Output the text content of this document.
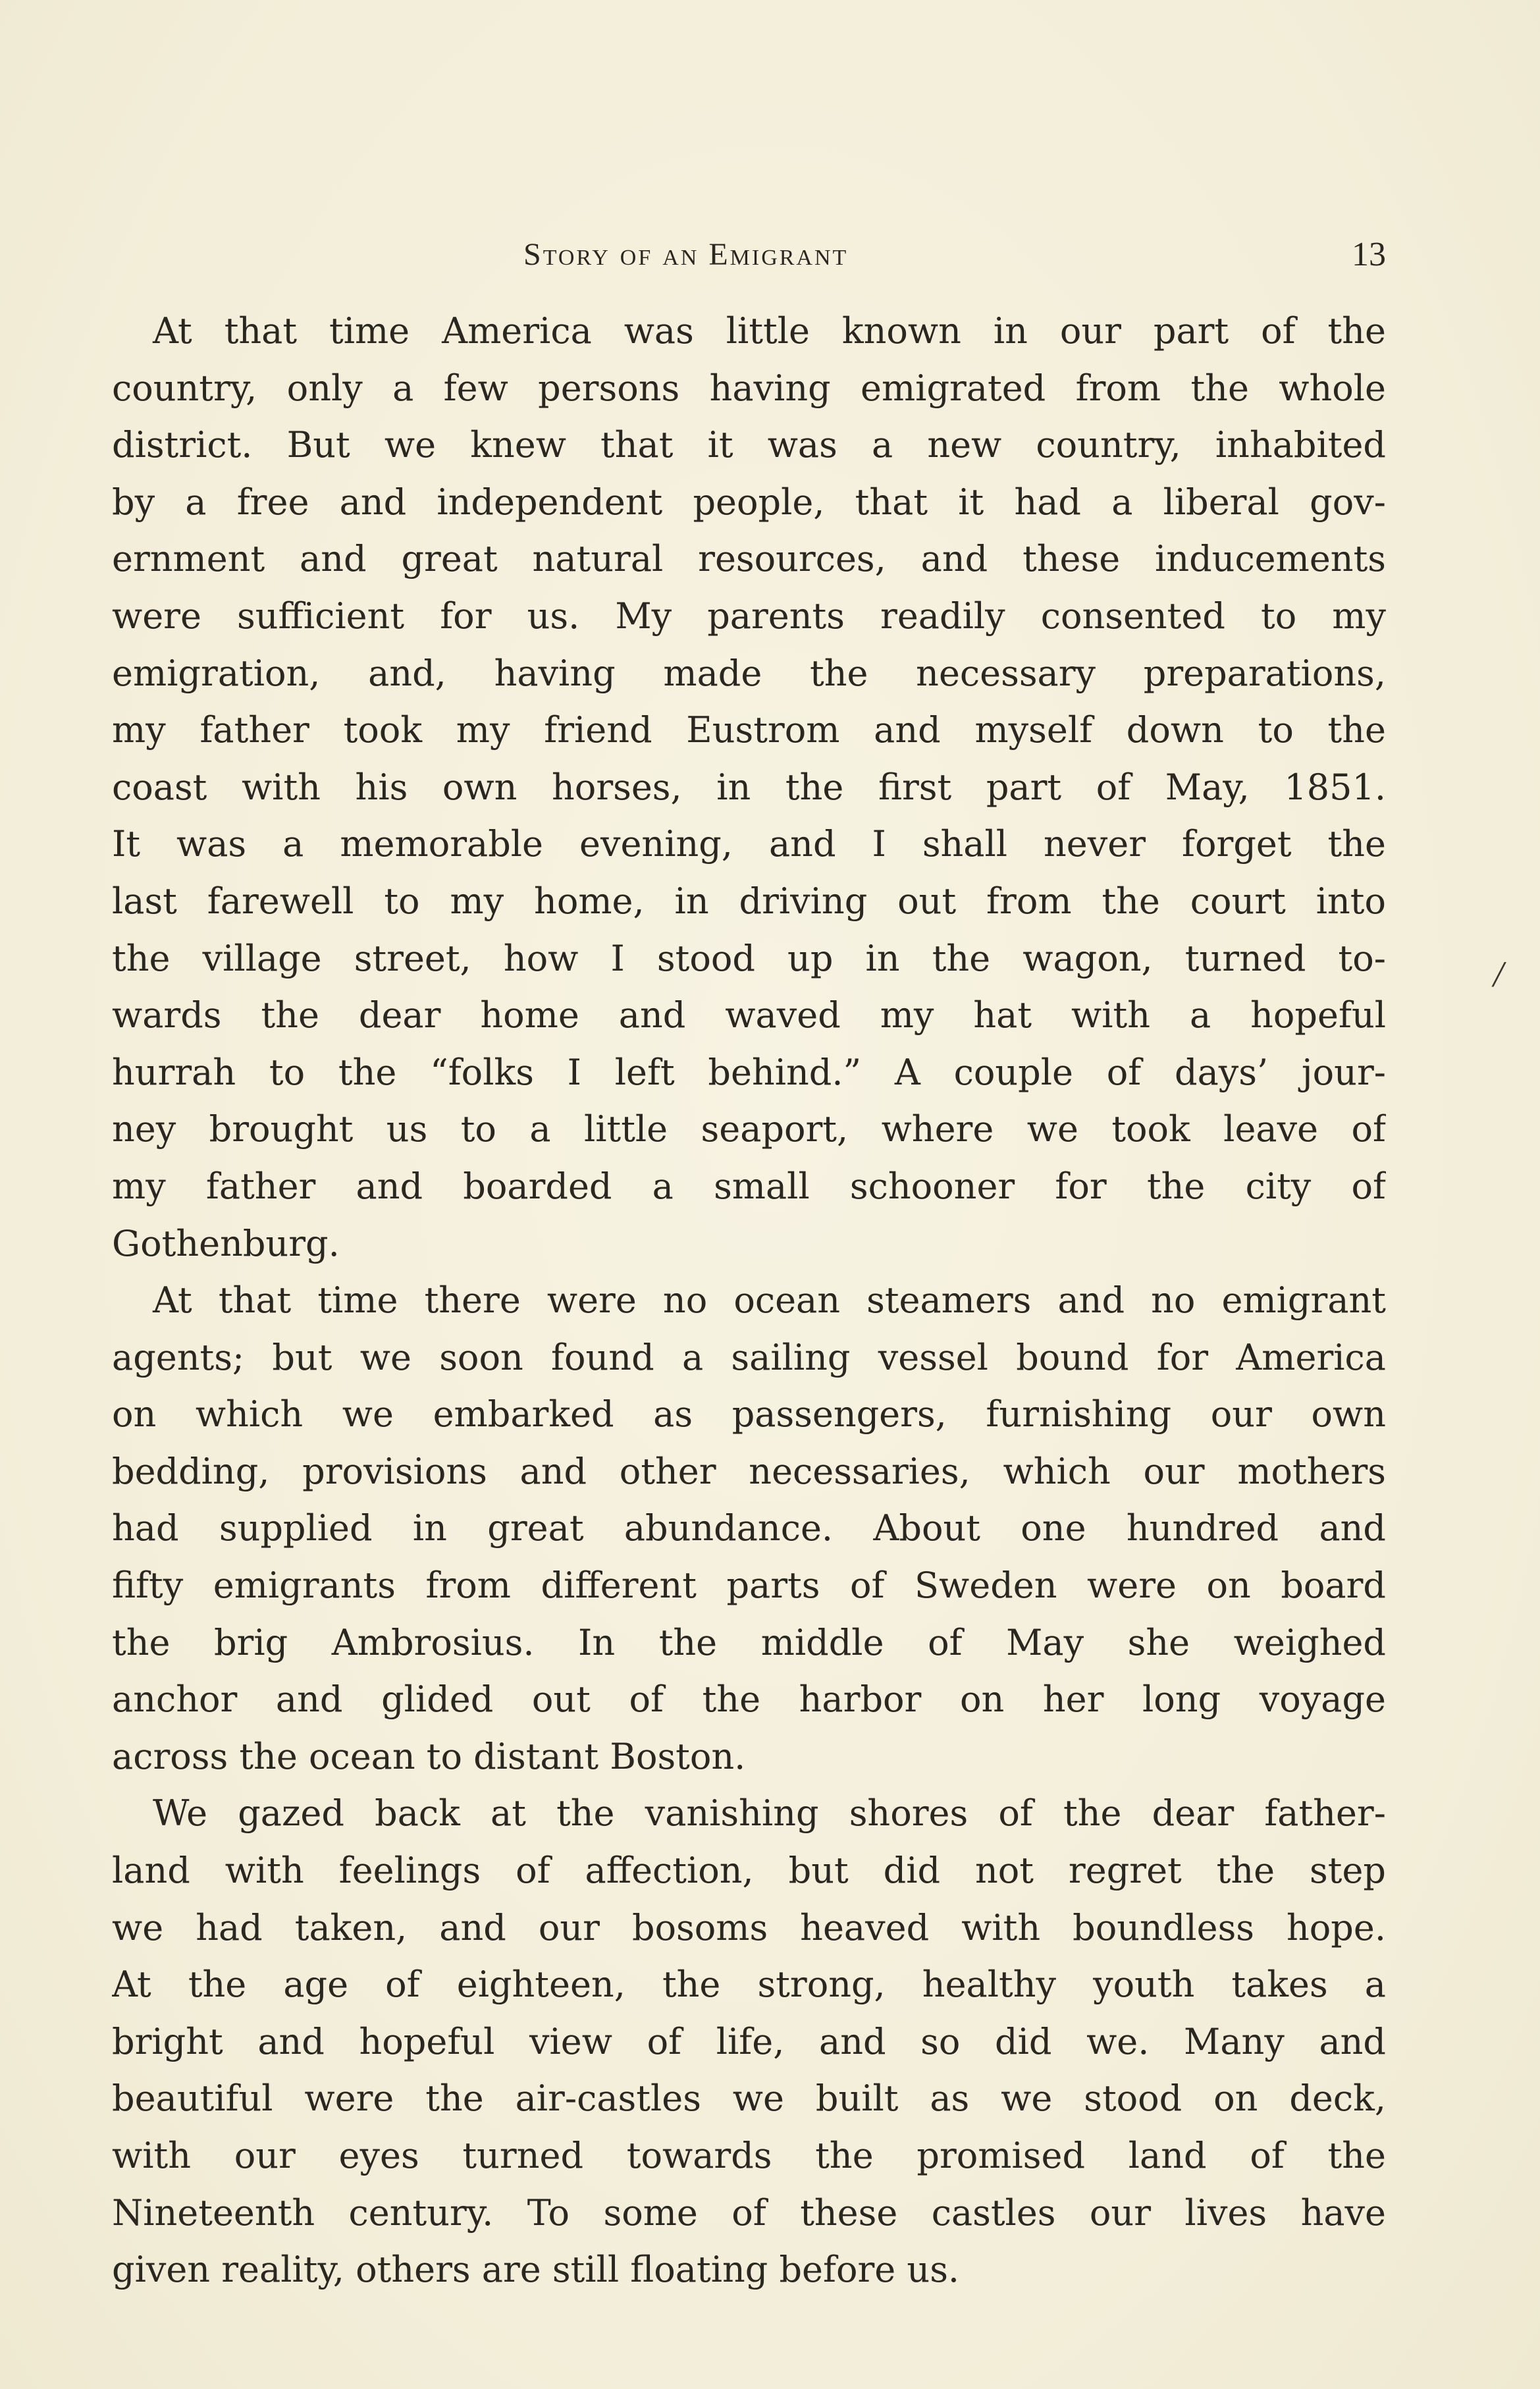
Story of an Emigrant	13
At that time America was little known in our part of the
country, only a few persons having emigrated from the whole
district. But we knew that it was a new country, inhabited
by a free and independent people, that it had a liberal gov-
ernment and great natural resources, and these inducements
were sufficient for us. My parents readily consented to my
emigration, and, having made the necessary preparations,
my father took my friend Eustrom and myself down to the
coast with his own horses, in the first part of May, 1851.
It was a memorable evening, and I shall never forget the
last farewell to my home, in driving out from the court into
the village street, how I stood up in the wagon, turned to-
wards the dear home and waved my hat with a hopeful
hurrah to the “folks I left behind.” A couple of days’ jour-
ney brought us to a little seaport, where we took leave of
my father and boarded a small schooner for the city of
Gothenburg.
At that time there were no ocean steamers and no emigrant
agents; but we soon found a sailing vessel bound for America
on which we embarked as passengers, furnishing our own
bedding, provisions and other necessaries, which our mothers
had supplied in great abundance. About one hundred and
fifty emigrants from different parts of Sweden were on board
the brig Ambrosius. In the middle of May she weighed
anchor and glided out of the harbor on her long voyage
across the ocean to distant Boston.
We gazed back at the vanishing shores of the dear father-
land with feelings of affection, but did not regret the step
we had taken, and our bosoms heaved with boundless hope.
At the age of eighteen, the strong, healthy youth takes a
bright and hopeful view of life, and so did we. Many and
beautiful were the air-castles we built as we stood on deck,
with our eyes turned towards the promised land of the
Nineteenth century. To some of these castles our lives have
given reality, others are still floating before us.
/
